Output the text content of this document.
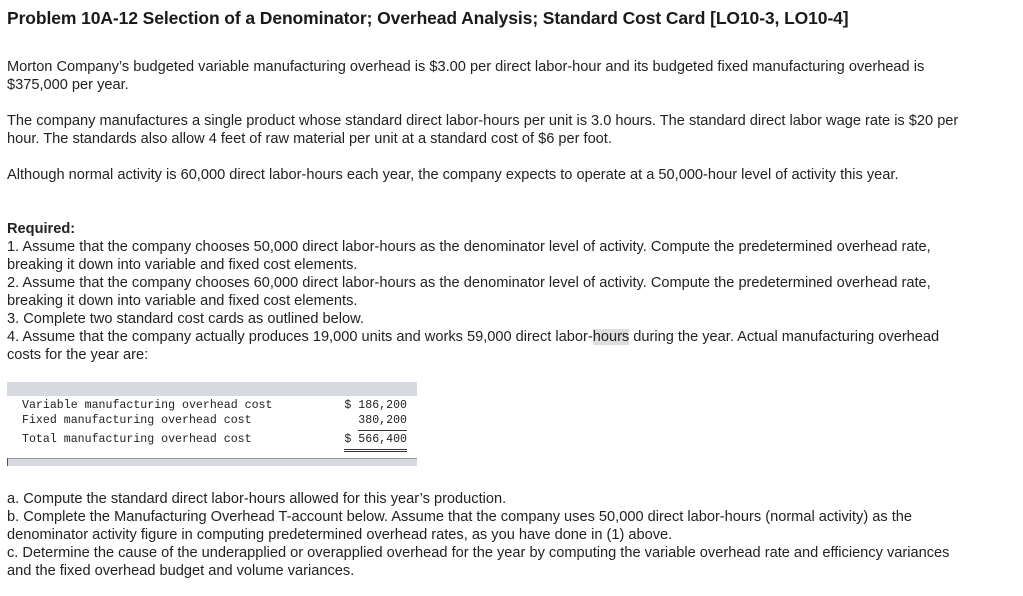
Problem 10A-12 Selection of a Denominator; Overhead Analysis; Standard Cost Card [LO10-3, LO10-4]

Morton Company’s budgeted variable manufacturing overhead is $3.00 per direct labor-hour and its budgeted fixed manufacturing overhead is $375,000 per year.

The company manufactures a single product whose standard direct labor-hours per unit is 3.0 hours. The standard direct labor wage rate is $20 per hour. The standards also allow 4 feet of raw material per unit at a standard cost of $6 per foot.

Although normal activity is 60,000 direct labor-hours each year, the company expects to operate at a 50,000-hour level of activity this year.

Required:
1. Assume that the company chooses 50,000 direct labor-hours as the denominator level of activity. Compute the predetermined overhead rate, breaking it down into variable and fixed cost elements.
2. Assume that the company chooses 60,000 direct labor-hours as the denominator level of activity. Compute the predetermined overhead rate, breaking it down into variable and fixed cost elements.
3. Complete two standard cost cards as outlined below.
4. Assume that the company actually produces 19,000 units and works 59,000 direct labor-hours during the year. Actual manufacturing overhead costs for the year are:
Variable manufacturing overhead cost	$ 186,200
Fixed manufacturing overhead cost	380,200
Total manufacturing overhead cost	$ 566,400
a. Compute the standard direct labor-hours allowed for this year’s production.
b. Complete the Manufacturing Overhead T-account below. Assume that the company uses 50,000 direct labor-hours (normal activity) as the denominator activity figure in computing predetermined overhead rates, as you have done in (1) above.
c. Determine the cause of the underapplied or overapplied overhead for the year by computing the variable overhead rate and efficiency variances and the fixed overhead budget and volume variances.
